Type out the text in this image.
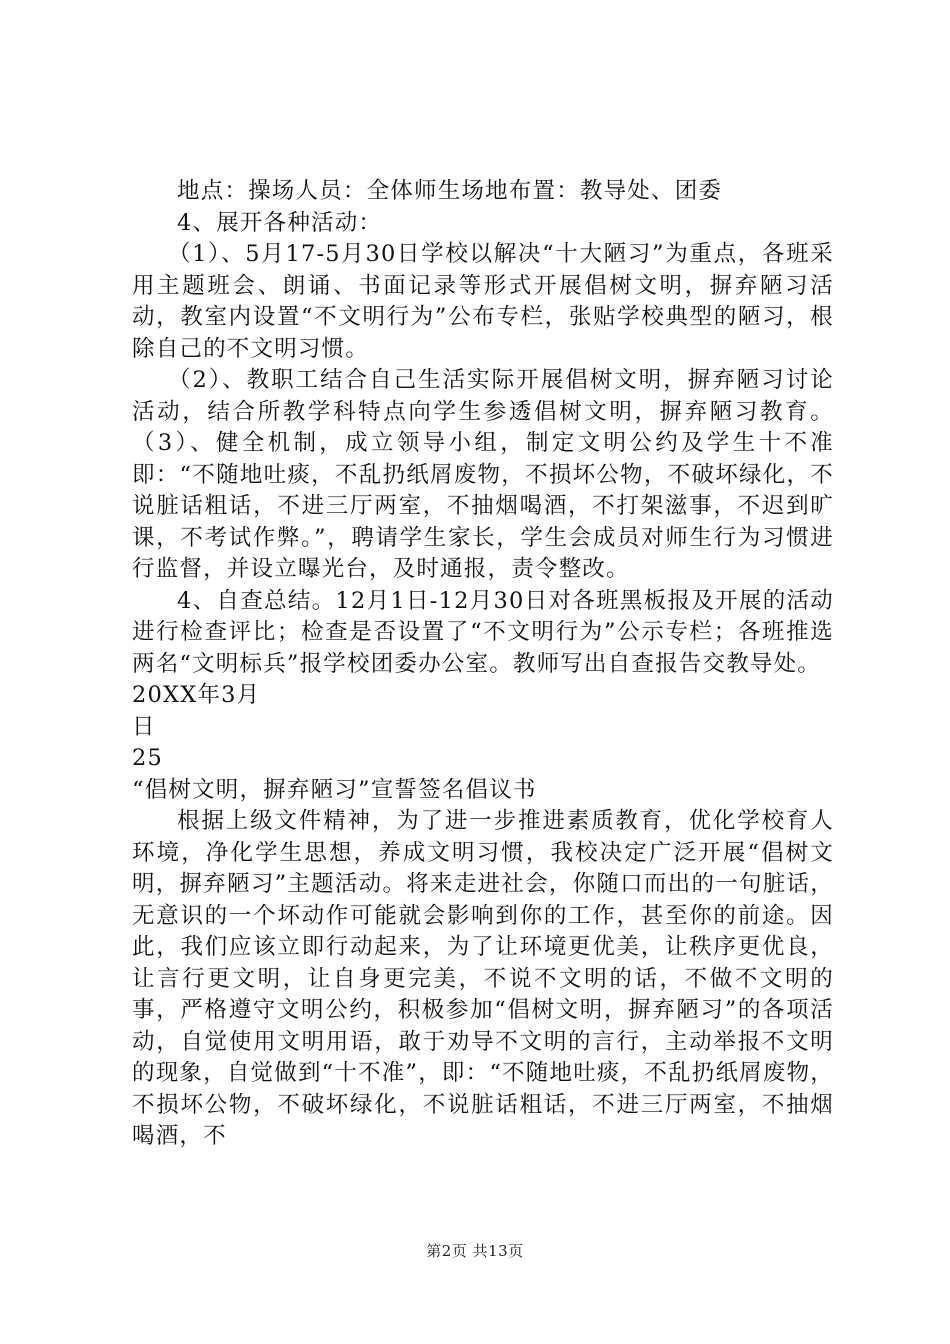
地点：操场人员：全体师生场地布置：教导处、团委

4、展开各种活动：

（1）、5月17-5月30日学校以解决“十大陋习”为重点，各班采用主题班会、朗诵、书面记录等形式开展倡树文明，摒弃陋习活动，教室内设置“不文明行为”公布专栏，张贴学校典型的陋习，根除自己的不文明习惯。

（2）、教职工结合自己生活实际开展倡树文明，摒弃陋习讨论活动，结合所教学科特点向学生参透倡树文明，摒弃陋习教育。（3）、健全机制，成立领导小组，制定文明公约及学生十不准即：“不随地吐痰，不乱扔纸屑废物，不损坏公物，不破坏绿化，不说脏话粗话，不进三厅两室，不抽烟喝酒，不打架滋事，不迟到旷课，不考试作弊。”，聘请学生家长，学生会成员对师生行为习惯进行监督，并设立曝光台，及时通报，责令整改。

4、自查总结。12月1日-12月30日对各班黑板报及开展的活动进行检查评比；检查是否设置了“不文明行为”公示专栏；各班推选两名“文明标兵”报学校团委办公室。教师写出自查报告交教导处。

20XX年3月

日

25

“倡树文明，摒弃陋习”宣誓签名倡议书

根据上级文件精神，为了进一步推进素质教育，优化学校育人环境，净化学生思想，养成文明习惯，我校决定广泛开展“倡树文明，摒弃陋习”主题活动。将来走进社会，你随口而出的一句脏话，无意识的一个坏动作可能就会影响到你的工作，甚至你的前途。因此，我们应该立即行动起来，为了让环境更优美，让秩序更优良，让言行更文明，让自身更完美，不说不文明的话，不做不文明的事，严格遵守文明公约，积极参加“倡树文明，摒弃陋习”的各项活动，自觉使用文明用语，敢于劝导不文明的言行，主动举报不文明的现象，自觉做到“十不准”，即：“不随地吐痰，不乱扔纸屑废物，不损坏公物，不破坏绿化，不说脏话粗话，不进三厅两室，不抽烟喝酒，不

第2页 共13页
